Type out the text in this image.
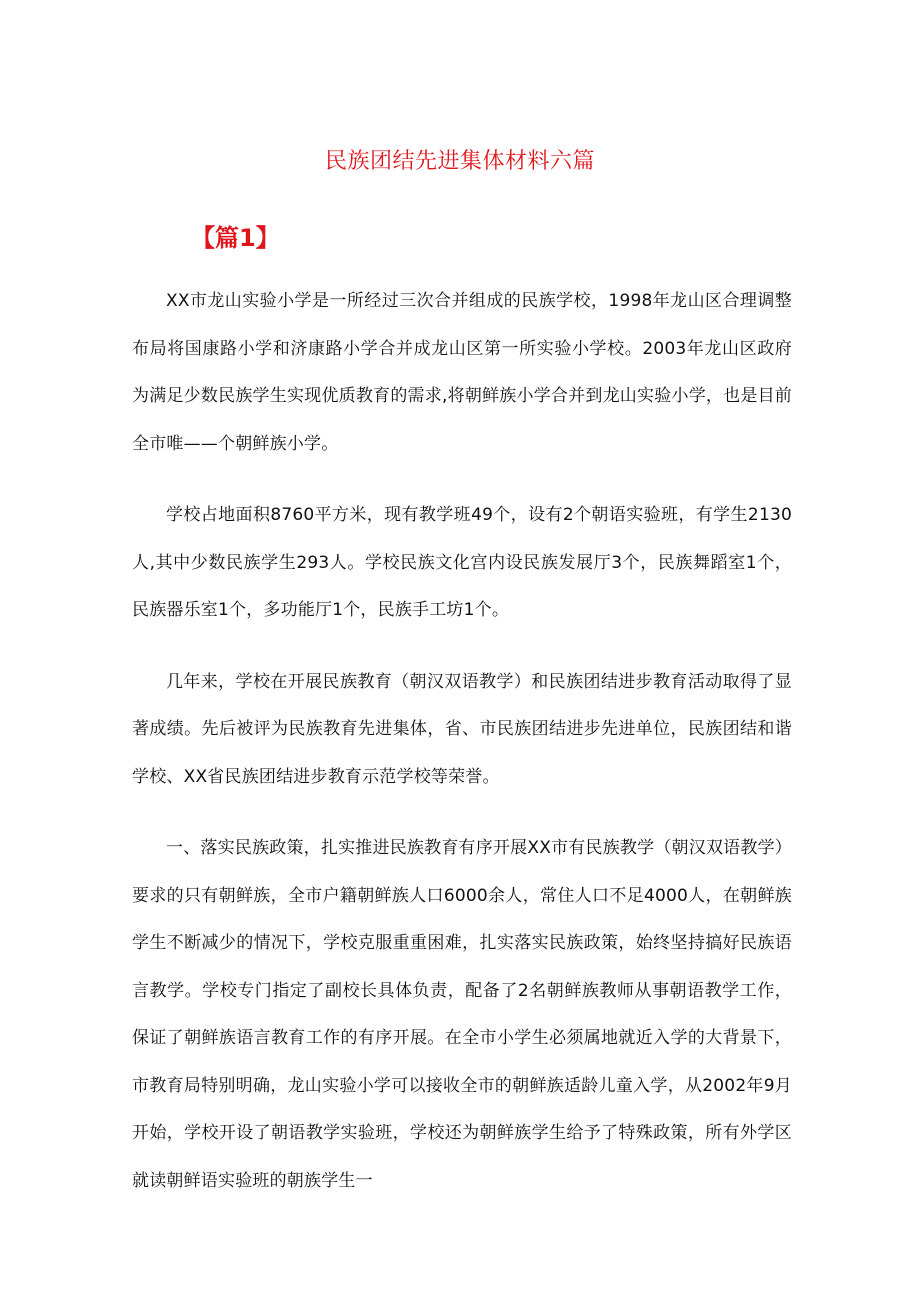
民族团结先进集体材料六篇
【篇1】

XX市龙山实验小学是一所经过三次合并组成的民族学校，1998年龙山区合理调整布局将国康路小学和济康路小学合并成龙山区第一所实验小学校。2003年龙山区政府为满足少数民族学生实现优质教育的需求,将朝鲜族小学合并到龙山实验小学，也是目前全市唯——个朝鲜族小学。

学校占地面积8760平方米，现有教学班49个，设有2个朝语实验班，有学生2130人,其中少数民族学生293人。学校民族文化宫内设民族发展厅3个，民族舞蹈室1个，民族器乐室1个，多功能厅1个，民族手工坊1个。

几年来，学校在开展民族教育（朝汉双语教学）和民族团结进步教育活动取得了显著成绩。先后被评为民族教育先进集体，省、市民族团结进步先进单位，民族团结和谐学校、XX省民族团结进步教育示范学校等荣誉。

一、落实民族政策，扎实推进民族教育有序开展XX市有民族教学（朝汉双语教学）要求的只有朝鲜族，全市户籍朝鲜族人口6000余人，常住人口不足4000人，在朝鲜族学生不断减少的情况下，学校克服重重困难，扎实落实民族政策，始终坚持搞好民族语言教学。学校专门指定了副校长具体负责，配备了2名朝鲜族教师从事朝语教学工作，保证了朝鲜族语言教育工作的有序开展。在全市小学生必须属地就近入学的大背景下，市教育局特别明确，龙山实验小学可以接收全市的朝鲜族适龄儿童入学，从2002年9月开始，学校开设了朝语教学实验班，学校还为朝鲜族学生给予了特殊政策，所有外学区就读朝鲜语实验班的朝族学生一
